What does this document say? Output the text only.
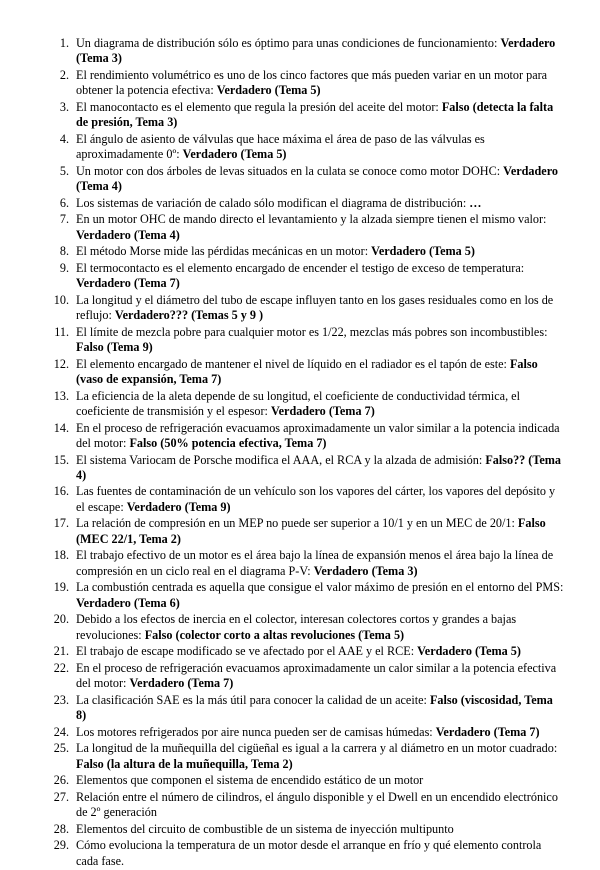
1. Un diagrama de distribución sólo es óptimo para unas condiciones de funcionamiento: Verdadero (Tema 3)
2. El rendimiento volumétrico es uno de los cinco factores que más pueden variar en un motor para obtener la potencia efectiva: Verdadero (Tema 5)
3. El manocontacto es el elemento que regula la presión del aceite del motor: Falso (detecta la falta de presión, Tema 3)
4. El ángulo de asiento de válvulas que hace máxima el área de paso de las válvulas es aproximadamente 0º: Verdadero (Tema 5)
5. Un motor con dos árboles de levas situados en la culata se conoce como motor DOHC: Verdadero (Tema 4)
6. Los sistemas de variación de calado sólo modifican el diagrama de distribución: …
7. En un motor OHC de mando directo el levantamiento y la alzada siempre tienen el mismo valor: Verdadero (Tema 4)
8. El método Morse mide las pérdidas mecánicas en un motor: Verdadero (Tema 5)
9. El termocontacto es el elemento encargado de encender el testigo de exceso de temperatura: Verdadero (Tema 7)
10. La longitud y el diámetro del tubo de escape influyen tanto en los gases residuales como en los de reflujo: Verdadero??? (Temas 5 y 9 )
11. El límite de mezcla pobre para cualquier motor es 1/22, mezclas más pobres son incombustibles: Falso (Tema 9)
12. El elemento encargado de mantener el nivel de líquido en el radiador es el tapón de este: Falso (vaso de expansión, Tema 7)
13. La eficiencia de la aleta depende de su longitud, el coeficiente de conductividad térmica, el coeficiente de transmisión y el espesor: Verdadero (Tema 7)
14. En el proceso de refrigeración evacuamos aproximadamente un valor similar a la potencia indicada del motor: Falso (50% potencia efectiva, Tema 7)
15. El sistema Variocam de Porsche modifica el AAA, el RCA y la alzada de admisión: Falso?? (Tema 4)
16. Las fuentes de contaminación de un vehículo son los vapores del cárter, los vapores del depósito y el escape: Verdadero (Tema 9)
17. La relación de compresión en un MEP no puede ser superior a 10/1 y en un MEC de 20/1: Falso (MEC 22/1, Tema 2)
18. El trabajo efectivo de un motor es el área bajo la línea de expansión menos el área bajo la línea de compresión en un ciclo real en el diagrama P-V: Verdadero (Tema 3)
19. La combustión centrada es aquella que consigue el valor máximo de presión en el entorno del PMS: Verdadero (Tema 6)
20. Debido a los efectos de inercia en el colector, interesan colectores cortos y grandes a bajas revoluciones: Falso (colector corto a altas revoluciones (Tema 5)
21. El trabajo de escape modificado se ve afectado por el AAE y el RCE: Verdadero (Tema 5)
22. En el proceso de refrigeración evacuamos aproximadamente un calor similar a la potencia efectiva del motor: Verdadero (Tema 7)
23. La clasificación SAE es la más útil para conocer la calidad de un aceite: Falso (viscosidad, Tema 8)
24. Los motores refrigerados por aire nunca pueden ser de camisas húmedas: Verdadero (Tema 7)
25. La longitud de la muñequilla del cigüeñal es igual a la carrera y al diámetro en un motor cuadrado: Falso (la altura de la muñequilla, Tema 2)
26. Elementos que componen el sistema de encendido estático de un motor
27. Relación entre el número de cilindros, el ángulo disponible y el Dwell en un encendido electrónico de 2º generación
28. Elementos del circuito de combustible de un sistema de inyección multipunto
29. Cómo evoluciona la temperatura de un motor desde el arranque en frío y qué elemento controla cada fase.
